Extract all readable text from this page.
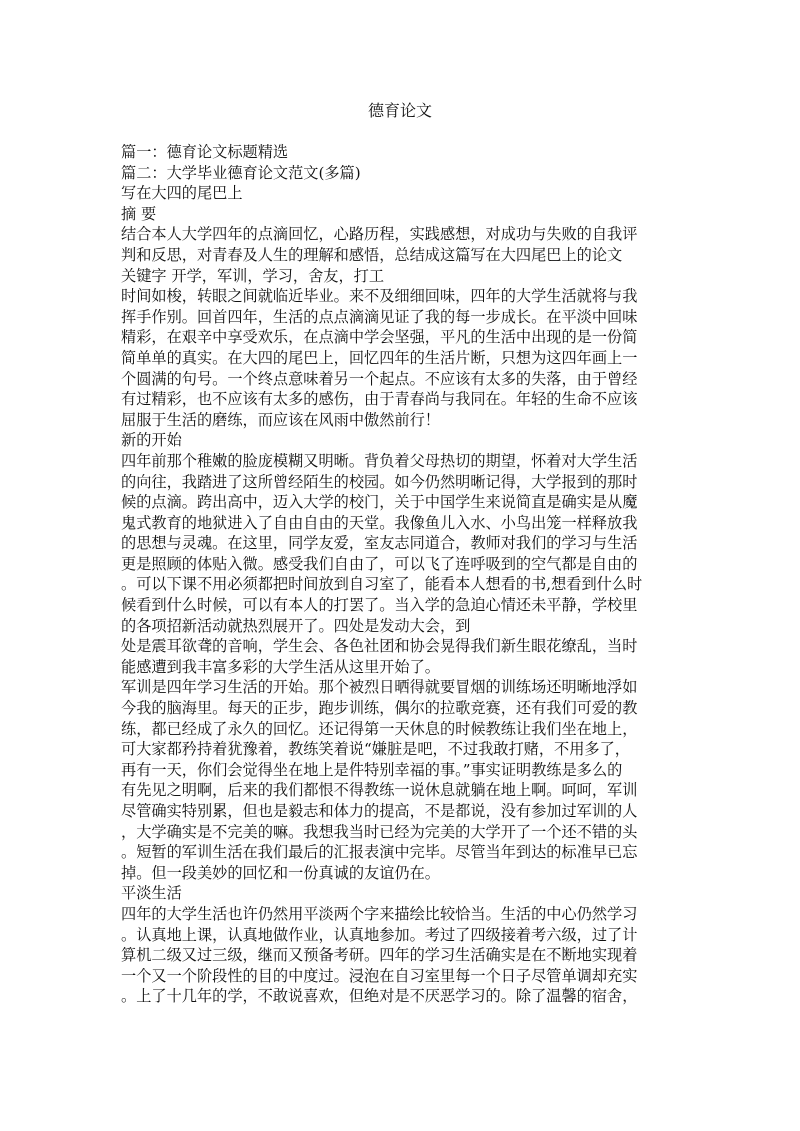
德育论文
篇一：德育论文标题精选
篇二：大学毕业德育论文范文(多篇)
写在大四的尾巴上
摘 要
结合本人大学四年的点滴回忆，心路历程，实践感想，对成功与失败的自我评
判和反思，对青春及人生的理解和感悟，总结成这篇写在大四尾巴上的论文
关键字 开学，军训，学习，舍友，打工
时间如梭，转眼之间就临近毕业。来不及细细回味，四年的大学生活就将与我
挥手作别。回首四年，生活的点点滴滴见证了我的每一步成长。在平淡中回味
精彩，在艰辛中享受欢乐，在点滴中学会坚强，平凡的生活中出现的是一份简
简单单的真实。在大四的尾巴上，回忆四年的生活片断，只想为这四年画上一
个圆满的句号。一个终点意味着另一个起点。不应该有太多的失落，由于曾经
有过精彩，也不应该有太多的感伤，由于青春尚与我同在。年轻的生命不应该
屈服于生活的磨练，而应该在风雨中傲然前行！
新的开始
四年前那个稚嫩的脸庞模糊又明晰。背负着父母热切的期望，怀着对大学生活
的向往，我踏进了这所曾经陌生的校园。如今仍然明晰记得，大学报到的那时
候的点滴。跨出高中，迈入大学的校门，关于中国学生来说简直是确实是从魔
鬼式教育的地狱进入了自由自由的天堂。我像鱼儿入水、小鸟出笼一样释放我
的思想与灵魂。在这里，同学友爱，室友志同道合，教师对我们的学习与生活
更是照顾的体贴入微。感受我们自由了，可以飞了连呼吸到的空气都是自由的
。可以下课不用必须都把时间放到自习室了，能看本人想看的书,想看到什么时
候看到什么时候，可以有本人的打罢了。当入学的急迫心情还未平静，学校里
的各项招新活动就热烈展开了。四处是发动大会，到
处是震耳欲聋的音响，学生会、各色社团和协会晃得我们新生眼花缭乱，当时
能感遭到我丰富多彩的大学生活从这里开始了。
军训是四年学习生活的开始。那个被烈日晒得就要冒烟的训练场还明晰地浮如
今我的脑海里。每天的正步，跑步训练，偶尔的拉歌竞赛，还有我们可爱的教
练，都已经成了永久的回忆。还记得第一天休息的时候教练让我们坐在地上，
可大家都矜持着犹豫着，教练笑着说“嫌脏是吧，不过我敢打赌，不用多了，
再有一天，你们会觉得坐在地上是件特别幸福的事。”事实证明教练是多么的
有先见之明啊，后来的我们都恨不得教练一说休息就躺在地上啊。呵呵，军训
尽管确实特别累，但也是毅志和体力的提高，不是都说，没有参加过军训的人
，大学确实是不完美的嘛。我想我当时已经为完美的大学开了一个还不错的头
。短暂的军训生活在我们最后的汇报表演中完毕。尽管当年到达的标准早已忘
掉。但一段美妙的回忆和一份真诚的友谊仍在。
平淡生活
四年的大学生活也许仍然用平淡两个字来描绘比较恰当。生活的中心仍然学习
。认真地上课，认真地做作业，认真地参加。考过了四级接着考六级，过了计
算机二级又过三级，继而又预备考研。四年的学习生活确实是在不断地实现着
一个又一个阶段性的目的中度过。浸泡在自习室里每一个日子尽管单调却充实
。上了十几年的学，不敢说喜欢，但绝对是不厌恶学习的。除了温馨的宿舍，
